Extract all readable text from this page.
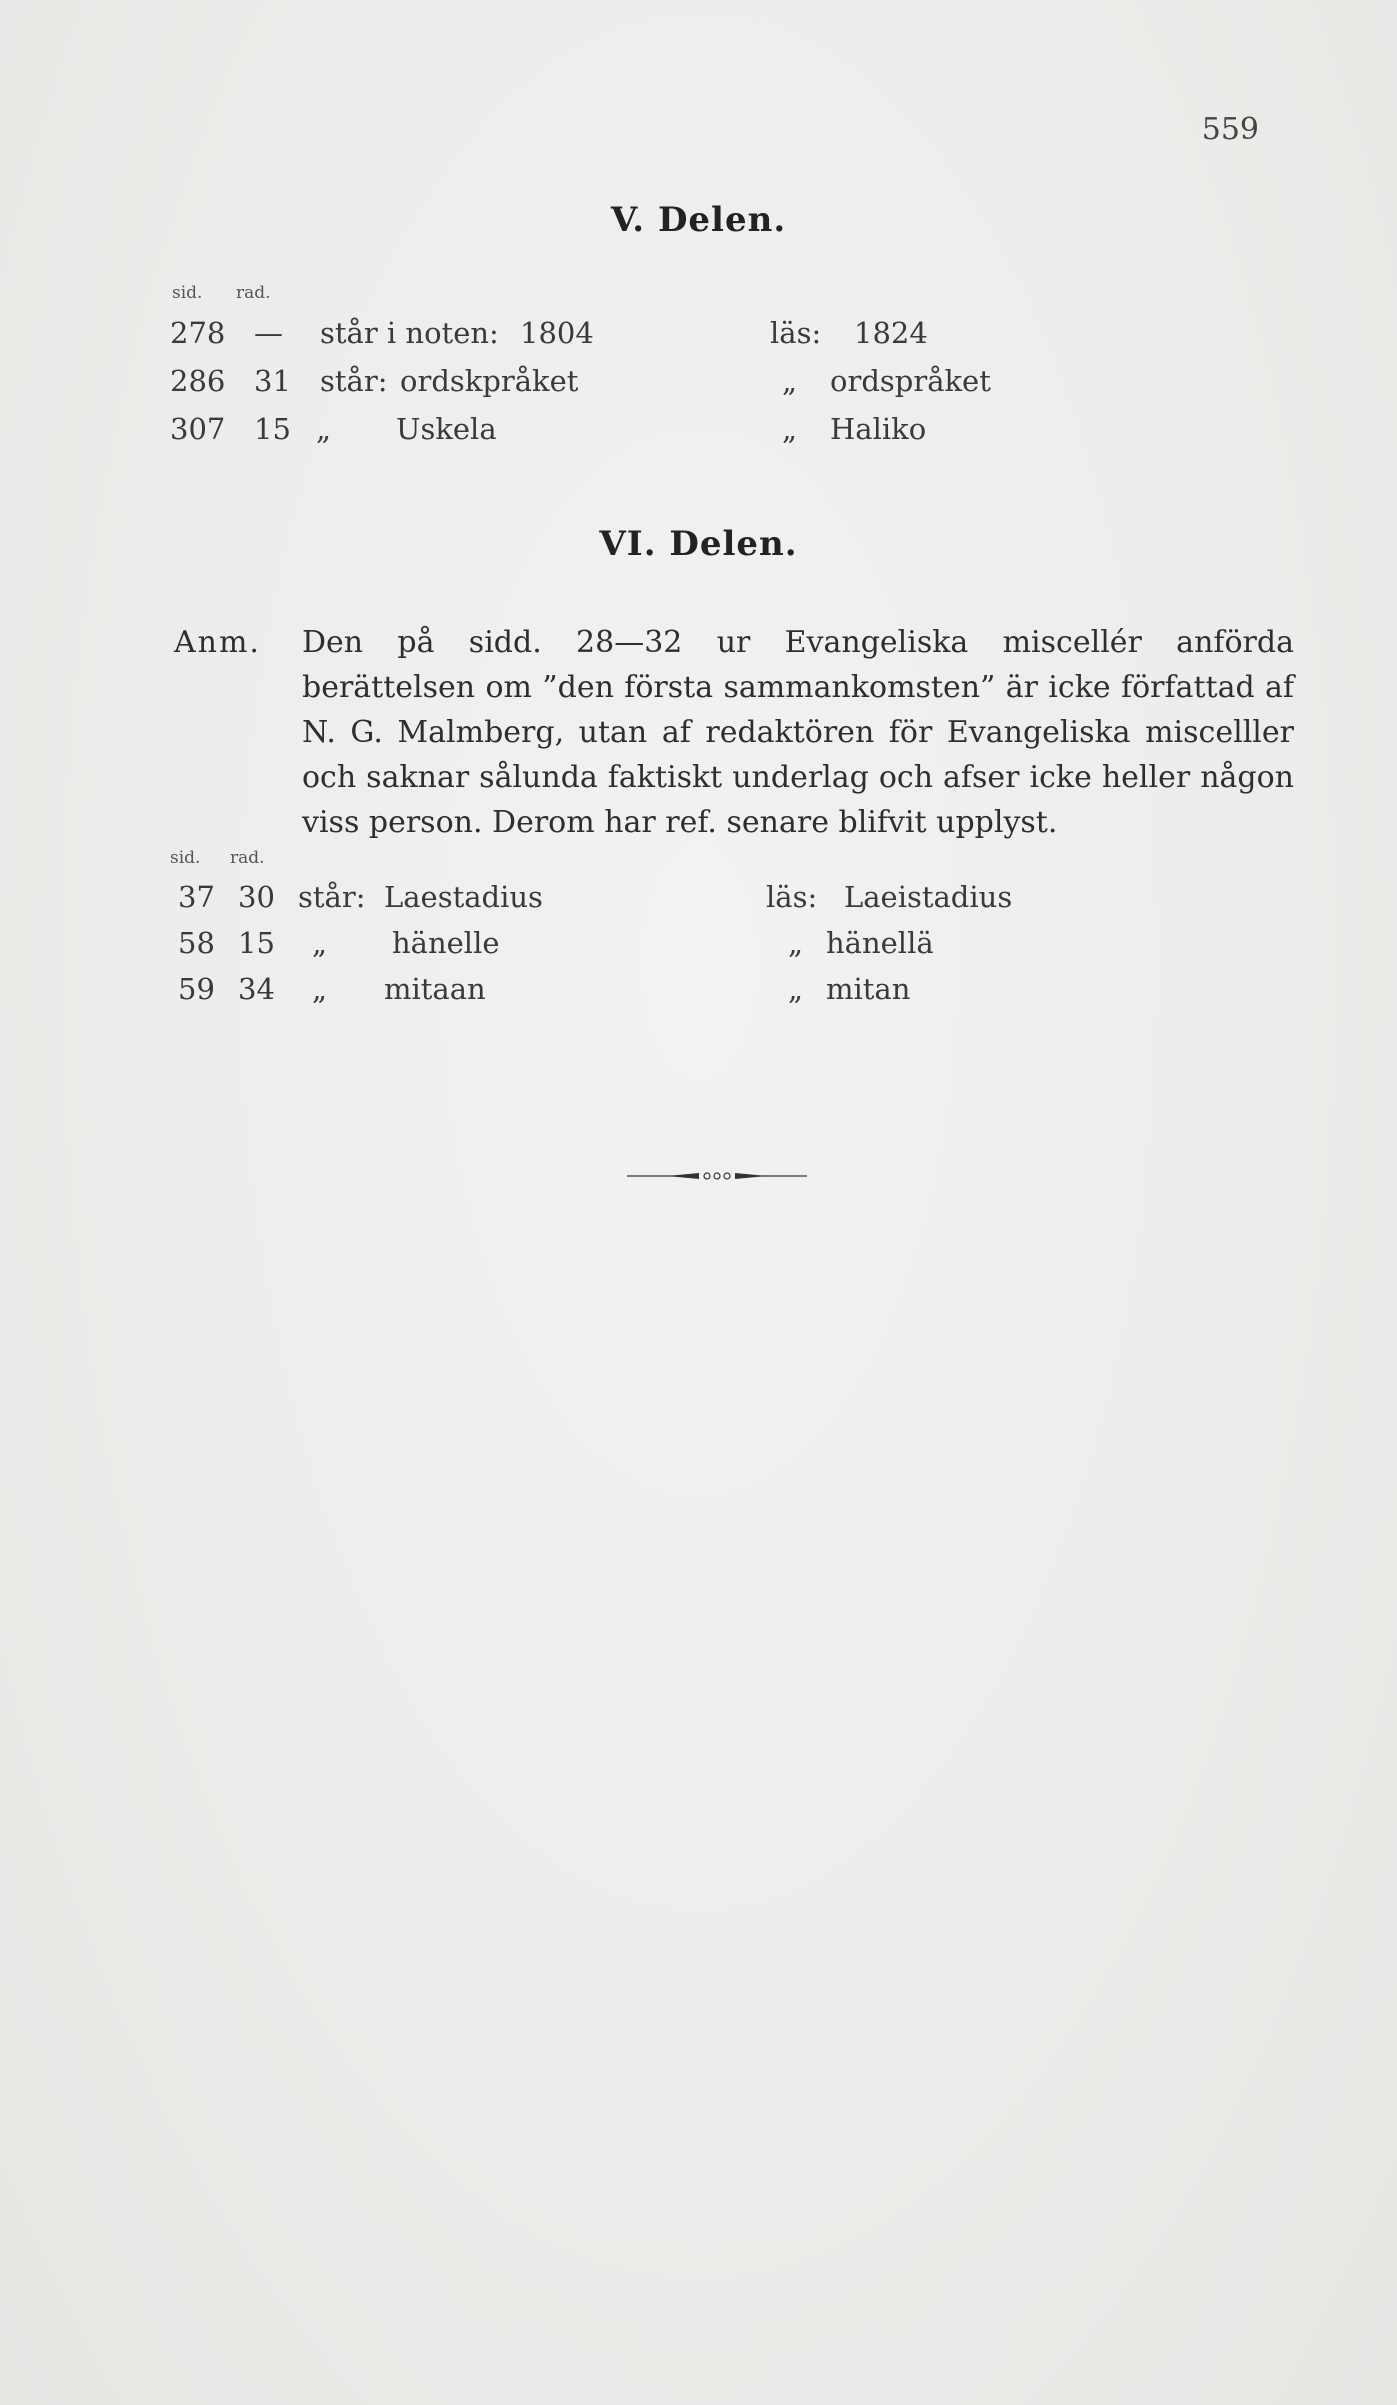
559
V. Delen.
sid. rad.
278 — står i noten: 1804	läs: 1824
286 31 står: ordskpråket	„ ordspråket
307 15 „ Uskela	„ Haliko
VI. Delen.
Anm. Den på sidd. 28—32 ur Evangeliska miscellér anförda berättelsen om ”den första sammankomsten” är icke författad af N. G. Malmberg, utan af redaktören för Evangeliska miscelller och saknar sålunda faktiskt underlag och afser icke heller någon viss person. Derom har ref. senare blifvit upplyst.
sid. rad.
37 30 står: Laestadius	läs: Laeistadius
58 15 „ hänelle	„ hänellä
59 34 „ mitaan	„ mitan
